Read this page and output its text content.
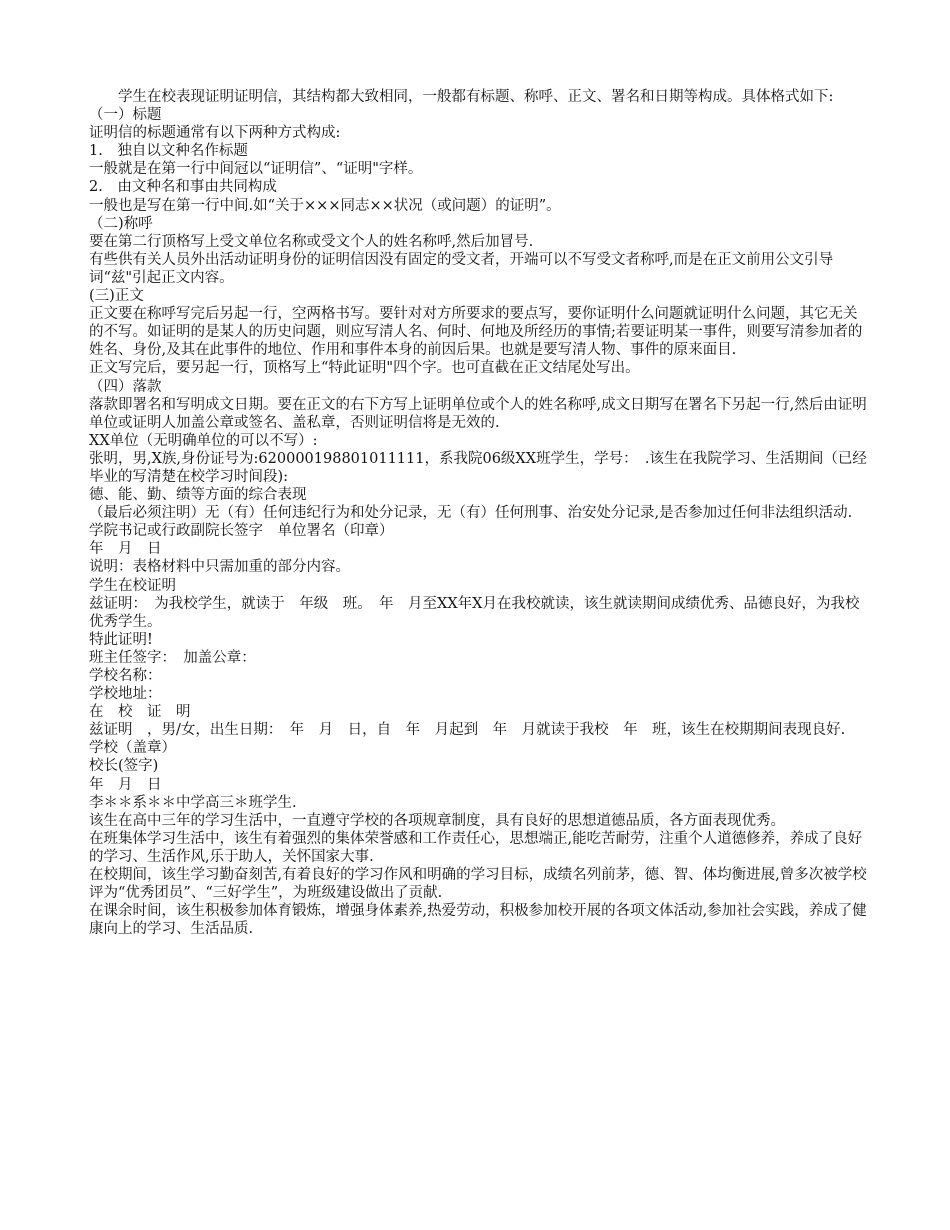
学生在校表现证明证明信，其结构都大致相同，一般都有标题、称呼、正文、署名和日期等构成。具体格式如下:

（一）标题

证明信的标题通常有以下两种方式构成:

1.　独自以文种名作标题

一般就是在第一行中间冠以“证明信”、“证明"字样。

2.　由文种名和事由共同构成

一般也是写在第一行中间.如“关于×××同志××状况（或问题）的证明”。

（二)称呼

要在第二行顶格写上受文单位名称或受文个人的姓名称呼,然后加冒号.

有些供有关人员外出活动证明身份的证明信因没有固定的受文者，开端可以不写受文者称呼,而是在正文前用公文引导词“兹"引起正文内容。

(三)正文

正文要在称呼写完后另起一行，空两格书写。要针对对方所要求的要点写，要你证明什么问题就证明什么问题，其它无关的不写。如证明的是某人的历史问题，则应写清人名、何时、何地及所经历的事情;若要证明某一事件，则要写清参加者的姓名、身份,及其在此事件的地位、作用和事件本身的前因后果。也就是要写清人物、事件的原来面目.

正文写完后，要另起一行，顶格写上“特此证明"四个字。也可直截在正文结尾处写出。

（四）落款

落款即署名和写明成文日期。要在正文的右下方写上证明单位或个人的姓名称呼,成文日期写在署名下另起一行,然后由证明单位或证明人加盖公章或签名、盖私章，否则证明信将是无效的.

XX单位（无明确单位的可以不写）:

张明，男,X族,身份证号为:620000198801011111，系我院06级XX班学生，学号：　.该生在我院学习、生活期间（已经毕业的写清楚在校学习时间段):

德、能、勤、绩等方面的综合表现

（最后必须注明）无（有）任何违纪行为和处分记录，无（有）任何刑事、治安处分记录,是否参加过任何非法组织活动.

学院书记或行政副院长签字　单位署名（印章）

年　月　日

说明：表格材料中只需加重的部分内容。

学生在校证明

兹证明：　为我校学生，就读于　年级　班。　年　月至XX年X月在我校就读，该生就读期间成绩优秀、品德良好，为我校优秀学生。

特此证明!

班主任签字：　加盖公章：

学校名称：

学校地址：

在　校　证　明

兹证明　，男/女，出生日期：　年　月　日，自　年　月起到　年　月就读于我校　年　班，该生在校期期间表现良好.

学校（盖章）

校长(签字)

年　月　日

李＊＊系＊＊中学高三＊班学生.

该生在高中三年的学习生活中，一直遵守学校的各项规章制度，具有良好的思想道德品质，各方面表现优秀。

在班集体学习生活中，该生有着强烈的集体荣誉感和工作责任心，思想端正,能吃苦耐劳，注重个人道德修养，养成了良好的学习、生活作风,乐于助人，关怀国家大事.

在校期间，该生学习勤奋刻苦,有着良好的学习作风和明确的学习目标，成绩名列前茅，德、智、体均衡进展,曾多次被学校评为“优秀团员”、“三好学生”，为班级建设做出了贡献.

在课余时间，该生积极参加体育锻炼，增强身体素养,热爱劳动，积极参加校开展的各项文体活动,参加社会实践，养成了健康向上的学习、生活品质.
